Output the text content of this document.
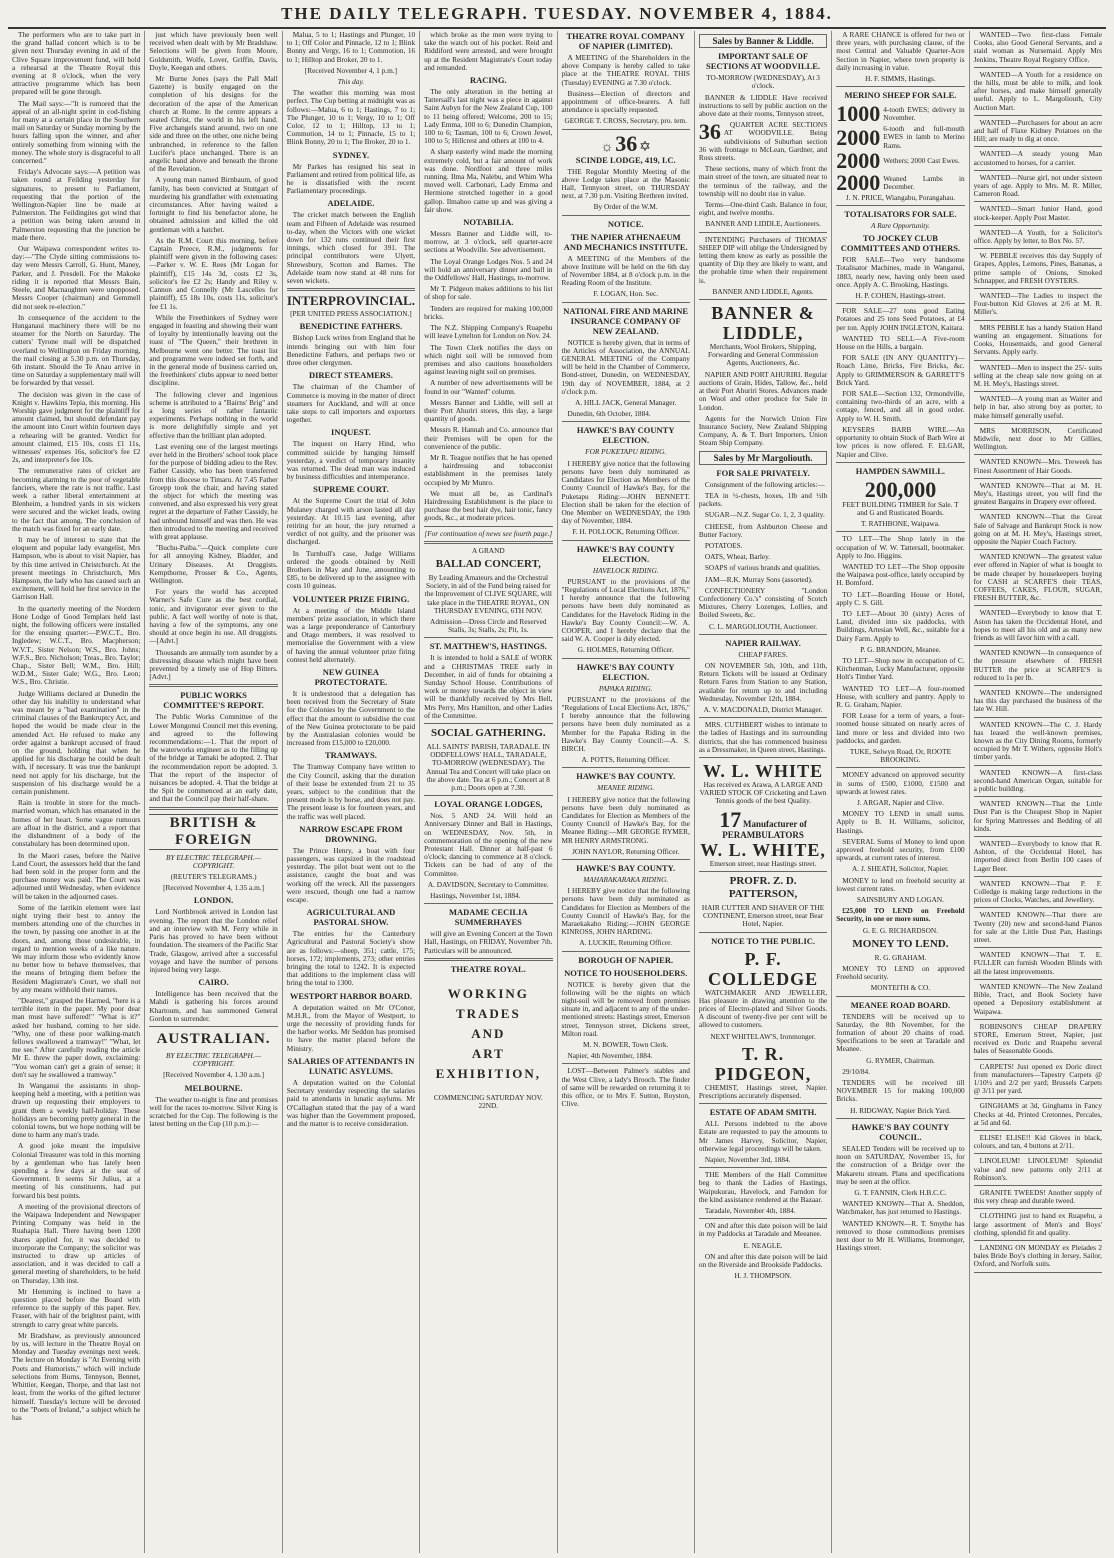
THE DAILY TELEGRAPH. TUESDAY. NOVEMBER 4, 1884.

The performers who are to take part in the grand ballad concert which is to be given next Thursday evening in aid of the Clive Square improvement fund, will hold a rehearsal at the Theatre Royal this evening at 8 o'clock, when the very attractive programme which has been prepared will be gone through.

The Mail says:—"It is rumored that the appeal of an all-night sprint in cod-fishing for many at a certain place in the Southern mail on Saturday or Sunday morning by the hours falling upon the winner, and after entirely something from winning with the money. The whole story is disgraceful to all concerned."

Friday's Advocate says:—A petition was taken round at Feilding yesterday for signatures, to present to Parliament, requesting that the portion of the Wellington-Napier line be made at Palmerston. The Feildingites got wind that a petition was being taken around in Palmerston requesting that the junction be made there.

Our Waipawa correspondent writes to-day:—"The Clyde sitting commissions to-day were Messrs Carroll, G. Hunt, Maney, Parker, and J. Presdell. For the Makoke riding it is reported that Messrs Bain, Steele, and Macnaughten were unopposed. Messrs Cooper (chairman) and Gemmell did not seek re-election."

In consequence of the accident to the Hunganaui machinery there will be no steamer for the North on Saturday. The cutters' Tyrone mail will be dispatched overland to Wellington on Friday morning, the mail closing at 5.30 p.m. on Thursday, 6th instant. Should the Te Anau arrive in time on Saturday a supplementary mail will be forwarded by that vessel.

The decision was given in the case of Knight v. Hawkins Tepia, this morning. His Worship gave judgment for the plaintiff for amount claimed, but should defendant pay the amount into Court within fourteen days a rehearing will be granted. Verdict for amount claimed, £15 10s, costs £1 11s, witnesses' expenses 16s, solicitor's fee £2 2s, and interpreter's fee 10s.

The remunerative rates of cricket are becoming alarming to the poor of vegetable fanciers, where the rate is not traffic. Last week a rather liberal entertainment at Blenheim, a hundred yards in six wickets were secured and the wicket leads, owing to the fact that among. The conclusion of the match was fixed for an early date.

It may be of interest to state that the eloquent and popular lady evangelist, Mrs Hampson, who is about to visit Napier, has by this time arrived in Christchurch. At the present meetings in Christchurch, Mrs Hampson, the lady who has caused such an excitement, will hold her first service in the Garrison Hall.

In the quarterly meeting of the Nordern Hone Lodge of Good Templars held last night, the following officers were installed for the ensuing quarter:—P.W.C.T., Bro. Ingledew; W.C.T., Bro. Macpherson; W.V.T., Sister Nelson; W.S., Bro. Johns; W.F.S., Bro. Nicholson; Treas., Bro. Taylor; Chap., Sister Bell; W.M., Bro. Hill; W.D.M., Sister Gale; W.G., Bro. Leon; W.S., Bro. Christie.

Judge Williams declared at Dunedin the other day his inability to understand what was meant by a "bad examination" in the criminal clauses of the Bankruptcy Act, and hoped the would be made clear in the amended Act. He refused to make any order against a bankrupt accused of fraud on the ground, holding that when he applied for his discharge he could be dealt with, if necessary. It was true the bankrupt need not apply for his discharge, but the suspension of his discharge would be a certain punishment.

Rain is trouble in store for the much-married woman, which has emanated in the homes of her heart. Some vague rumours are afloat in the district, and a report that the disbandment of a body of the constabulary has been determined upon.

In the Maori cases, before the Native Land Court, the assessors held that the land had been sold in the proper form and the purchase money was paid. The Court was adjourned until Wednesday, when evidence will be taken in the adjourned cases.

Some of the larrikin element were last night trying their best to annoy the members attending one of the churches in the town, by passing one another in at the doors, and, among those undesirable, in regard to mention weeks of a like nature. We may inform those who evidently know no better how to behave themselves, that the means of bringing them before the Resident Magistrate's Court, we shall not by any means withhold their names.

"Dearest," grasped the Harmed, "here is a terrible item in the paper. My poor dear man must have suffered!" "What is it?" asked her husband, coming to her side. "Why, one of these poor walking-match fellows swallowed a tramway!" "What, let me see." After carefully reading the article Mr E. threw the paper down, exclaiming: "You woman can't get a grain of sense; it don't say he swallowed a tramway."

In Wanganui the assistants in shop-keeping held a meeting, with a petition was drawn up requesting their employers to grant them a weekly half-holiday. These holidays are becoming pretty general in the colonial towns, but we hope nothing will be done to harm any man's trade.

A good joke meant the impulsive Colonial Treasurer was told in this morning by a gentleman who has lately been spending a few days at the seat of Government. It seems Sir Julius, at a meeting of his constituents, had put forward his best points.

A meeting of the provisional directors of the Waipawa Independent and Newspaper Printing Company was held in the Ruahapia Hall. There having been 1200 shares applied for, it was decided to incorporate the Company; the solicitor was instructed to draw up articles of association, and it was decided to call a general meeting of shareholders, to be held on Thursday, 13th inst.

Mr Hemming is inclined to have a question placed before the Board with reference to the supply of this paper. Rev. Fraser, with hair of the brightest paint, with strength to carry great white parcels.

Mr Bradshaw, as previously announced by us, will lecture in the Theatre Royal on Monday and Tuesday evenings next week. The lecture on Monday is "At Evening with Poets and Humorists," which will include selections from Burns, Tennyson, Bennet, Whittier, Keegan, Thorpe, and that last not least, from the works of the gifted lecturer himself. Tuesday's lecture will be devoted to the "Poets of Ireland," a subject which he has

just which have previously been well received when dealt with by Mr Bradshaw. Selections will be given from Moore, Goldsmith, Wolfe, Lover, Griffin, Davis, Doyle, Keegan and others.

Mr Burne Jones (says the Pall Mall Gazette) is busily engaged on the completion of his designs for the decoration of the apse of the American church at Rome. In the centre appears a seated Christ, the world in his left hand. Five archangels stand around, two on one side and three on the other, one niche being unbranched, in reference to the fallen Lucifer's place unchanged. There is an angelic band above and beneath the throne of the Revelation.

A young man named Birnbaum, of good family, has been convicted at Stuttgart of murdering his grandfather with extenuating circumstances. After having waited a fortnight to find his benefactor alone, he obtained admission and killed the old gentleman with a hatchet.

As the R.M. Court this morning, before Captain Preece, R.M., judgments for plaintiff were given in the following cases:—Parker v. W. E. Rees (Mr Logan for plaintiff), £15 14s 3d, costs £2 3s, solicitor's fee £2 2s; Handy and Riley v. Cannon and Connelly (Mr Lascelles for plaintiff), £5 18s 10s, costs 11s, solicitor's fee £1 1s.

While the Freethinkers of Sydney were engaged in feasting and showing their want of loyalty by intentionally leaving out the toast of "The Queen," their brethren in Melbourne went one better. The toast list and programme were indeed set forth, and in the general mode of business carried on, the freethinkers' clubs appear to need better discipline.

The following clever and ingenious scheme is attributed to a "Bairns' Brig" and a long series of rather fantastic experiments. Perhaps nothing in the world is more delightfully simple and yet effective than the brilliant plan adopted.

Last evening one of the largest meetings ever held in the Brothers' school took place for the purpose of bidding adieu to the Rev. Father Cassidy, who has been transferred from this diocese to Timaru. At 7.45 Father Groepp took the chair, and having stated the object for which the meeting was convened, and also expressed his very great regret at the departure of Father Cassidy, he had unbound himself and was then. He was then introduced to the meeting and received with great applause.

"Buchu-Paiba."—Quick complete cure for all annoying Kidney, Bladder, and Urinary Diseases. At Druggists. Kempthorne, Prosser & Co., Agents, Wellington.

For years the world has accepted Warner's Safe Cure as the best cordial, tonic, and invigorator ever given to the public. A fact well worthy of note is that, having a few of the symptoms, any one should at once begin its use. All druggists.—[Advt.]

Thousands are annually torn asunder by a distressing disease which might have been prevented by a timely use of Hop Bitters. [Advt.]

PUBLIC WORKS COMMITTEE'S REPORT.

The Public Works Committee of the Lower Mongonui Council met this evening, and agreed to the following recommendations:—1. That the report of the waterworks engineer as to the filling up of the bridge at Tamaki be adopted. 2. That the recommendation report be adopted. 3. That the report of the inspector of nuisances be adopted. 4. That the bridge at the Spit be commenced at an early date, and that the Council pay their half-share.

BRITISH & FOREIGN

BY ELECTRIC TELEGRAPH.—COPYRIGHT.

(REUTER'S TELEGRAMS.)

[Received November 4, 1.35 a.m.]

LONDON.

Lord Northbrook arrived in London last evening. The report that the London relief and an interview with M. Ferry while in Paris has proved to have been without foundation. The steamers of the Pacific Star Trade, Glasgow, arrived after a successful voyage and have the number of persons injured being very large.

CAIRO.

Intelligence has been received that the Mahdi is gathering his forces around Khartoum, and has summoned General Gordon to surrender.

AUSTRALIAN.

BY ELECTRIC TELEGRAPH.—COPYRIGHT.

[Received November 4, 1.30 a.m.]

MELBOURNE.

The weather to-night is fine and promises well for the races to-morrow. Silver King is scratched for the Cup. The following is the latest betting on the Cup (10 p.m.):—

Malua, 5 to 1; Hastings and Plunger, 10 to 1; Off Color and Pinnacle, 12 to 1; Blink Bonny and Vergy, 16 to 1; Commotion, 16 to 1; Hilltop and Broker, 20 to 1.

[Received November 4, 1 p.m.]

This day.

The weather this morning was most perfect. The Cup betting at midnight was as follows:—Malua, 6 to 1; Hastings, 7 to 1; The Plunger, 10 to 1; Vergy, 10 to 1; Off Color, 12 to 1; Hilltop, 13 to 1; Commotion, 14 to 1; Pinnacle, 15 to 1; Blink Bonny, 20 to 1; The Broker, 20 to 1.

SYDNEY.

Mr Parkes has resigned his seat in Parliament and retired from political life, as he is dissatisfied with the recent Parliamentary proceedings.

ADELAIDE.

The cricket match between the English team and Fifteen of Adelaide was resumed to-day, when the Victors with one wicket down for 132 runs continued their first innings, which closed for 391. The principal contributors were Ulyett, Shrewsbury, Scotton and Barnes. The Adelaide team now stand at 48 runs for seven wickets.

INTERPROVINCIAL.

[PER UNITED PRESS ASSOCIATION.]

BENEDICTINE FATHERS.

Bishop Luck writes from England that he intends bringing out with him four Benedictine Fathers, and perhaps two or three other clergymen.

DIRECT STEAMERS.

The chairman of the Chamber of Commerce is moving in the matter of direct steamers for Auckland, and will at once take steps to call importers and exporters together.

INQUEST.

The inquest on Harry Hind, who committed suicide by hanging himself yesterday, a verdict of temporary insanity was returned. The dead man was induced by business difficulties and intemperance.

SUPREME COURT.

At the Supreme Court the trial of John Mulaney charged with arson lasted all day yesterday. At 10.15 last evening, after retiring for an hour, the jury returned a verdict of not guilty, and the prisoner was discharged.

In Turnbull's case, Judge Williams ordered the goods obtained by Neill Brothers in May and June, amounting to £85, to be delivered up to the assignee with costs 10 guineas.

VOLUNTEER PRIZE FIRING.

At a meeting of the Middle Island members' prize association, in which there was a large preponderance of Canterbury and Otago members, it was resolved to memorialise the Government with a view of having the annual volunteer prize firing contest held alternately.

NEW GUINEA PROTECTORATE.

It is understood that a delegation has been received from the Secretary of State for the Colonies by the Government to the effect that the amount to subsidise the cost of the New Guinea protectorate to be paid by the Australasian colonies would be increased from £15,000 to £20,000.

TRAMWAYS.

The Tramway Company have written to the City Council, asking that the duration of their lease be extended from 21 to 35 years, subject to the condition that the present mode is by horse, and does not pay. The present lease is for fourteen years, and the traffic was well placed.

NARROW ESCAPE FROM DROWNING.

The Prince Henry, a boat with four passengers, was capsized in the roadstead yesterday. The pilot boat went out to the assistance, caught the boat and was working off the wreck. All the passengers were rescued, though one had a narrow escape.

AGRICULTURAL AND PASTORAL SHOW.

The entries for the Canterbury Agricultural and Pastoral Society's show are as follows:—sheep, 351; cattle, 175; horses, 172; implements, 273; other entries bringing the total to 1242. It is expected that additions to the implement class will bring the total to 1300.

WESTPORT HARBOR BOARD.

A deputation waited on Mr O'Conor, M.H.R., from the Mayor of Westport, to urge the necessity of providing funds for the harbor works. Mr Seddon has promised to have the matter placed before the Ministry.

SALARIES OF ATTENDANTS IN LUNATIC ASYLUMS.

A deputation waited on the Colonial Secretary yesterday respecting the salaries paid to attendants in lunatic asylums. Mr O'Callaghan stated that the pay of a ward was higher than the Government proposed, and the matter is to receive consideration.

which broke as the men were trying to take the watch out of his pocket. Reid and Riddiford were arrested, and were brought up at the Resident Magistrate's Court today and remanded.

RACING.

The only alteration in the betting at Tattersall's last night was a piece in against Saint Aubyn for the New Zealand Cup, 100 to 11 being offered; Welcome, 200 to 15; Lady Emma, 100 to 6; Dunedin Champion, 100 to 6; Tasman, 100 to 6; Crown Jewel, 100 to 5; Hillcrest and others at 100 to 4.

A sharp easterly wind made the morning extremely cold, but a fair amount of work was done. Nordfoot and three miles running. Ilma Ma, Nalebu, and Whim Wha moved well. Carbonari, Lady Emma and Hermione stretched together in a good gallop. Ilmahoo came up and was giving a fair show.

NOTABILIA.

Messrs Banner and Liddle will, to-morrow, at 3 o'clock, sell quarter-acre sections at Woodville. See advertisement.

The Loyal Orange Lodges Nos. 5 and 24 will hold an anniversary dinner and ball in the Oddfellows' Hall, Hastings, to-morrow.

Mr T. Pidgeon makes additions to his list of shop for sale.

Tenders are required for making 100,000 bricks.

The N.Z. Shipping Company's Ruapehu will leave Lyttelton for London on Nov. 24.

The Town Clerk notifies the days on which night soil will be removed from premises and also cautions householders against leaving night soil on premises.

A number of new advertisements will be found in our "Wanted" column.

Messrs Banner and Liddle, will sell at their Port Ahuriri stores, this day, a large quantity of goods.

Messrs R. Hannah and Co. announce that their Premises will be open for the convenience of the public.

Mr R. Teague notifies that he has opened a hairdressing and tobacconist establishment in the premises lately occupied by Mr Munro.

We must all be, as Cardinal's Hairdressing Establishment is the place to purchase the best hair dye, hair tonic, fancy goods, &c., at moderate prices.

[For continuation of news see fourth page.]

A GRAND

BALLAD CONCERT,

By Leading Amateurs and the Orchestral Society, in aid of the Fund being raised for the Improvement of CLIVE SQUARE, will take place in the THEATRE ROYAL, ON THURSDAY EVENING, 6TH NOV.

Admission—Dress Circle and Reserved Stalls, 3s; Stalls, 2s; Pit, 1s.

ST. MATTHEW'S, HASTINGS.

It is intended to hold a SALE of WORK and a CHRISTMAS TREE early in December, in aid of funds for obtaining a Sunday School House. Contributions of work or money towards the object in view will be thankfully received by Mrs Bell, Mrs Perry, Mrs Hamilton, and other Ladies of the Committee.

SOCIAL GATHERING.

ALL SAINTS' PARISH, TARADALE. IN ODDFELLOWS' HALL, TARADALE, TO-MORROW (WEDNESDAY). The Annual Tea and Concert will take place on the above date. Tea at 6 p.m.; Concert at 8 p.m.; Doors open at 7.30.

LOYAL ORANGE LODGES,

Nos. 5 AND 24. Will hold an Anniversary Dinner and Ball in Hastings, on WEDNESDAY, Nov. 5th, in commemoration of the opening of the new Protestant Hall. Dinner at half-past 6 o'clock; dancing to commence at 8 o'clock. Tickets can be had of any of the Committee.

A. DAVIDSON, Secretary to Committee.

Hastings, November 1st, 1884.

MADAME CECILIA SUMMERHAYES

will give an Evening Concert at the Town Hall, Hastings, on FRIDAY, November 7th. Particulars will be announced.

THEATRE ROYAL.

WORKING
TRADES
AND
ART
EXHIBITION,

COMMENCING SATURDAY NOV. 22ND.

THEATRE ROYAL COMPANY OF NAPIER (LIMITED).

A MEETING of the Shareholders in the above Company is hereby called to take place at the THEATRE ROYAL THIS (Tuesday) EVENING at 7.30 o'clock.

Business—Election of directors and appointment of office-bearers. A full attendance is specially requested.

GEORGE T. CROSS, Secretary, pro. tem.

☼ 36 ✡

SCINDE LODGE, 419, I.C.

THE Regular Monthly Meeting of the above Lodge takes place at the Masonic Hall, Tennyson street, on THURSDAY next, at 7.30 p.m. Visiting Brethren invited.

By Order of the W.M.

NOTICE.

THE NAPIER ATHENAEUM AND MECHANICS INSTITUTE.

A MEETING of the Members of the above Institute will be held on the 6th day of November 1884, at 8 o'clock p.m. in the Reading Room of the Institute.

F. LOGAN, Hon. Sec.

NATIONAL FIRE AND MARINE INSURANCE COMPANY OF NEW ZEALAND.

NOTICE is hereby given, that in terms of the Articles of Association, the ANNUAL GENERAL MEETING of the Company will be held in the Chamber of Commerce, Bond-street, Dunedin, on WEDNESDAY, 19th day of NOVEMBER, 1884, at 2 o'clock p.m.

A. HILL JACK, General Manager.

Dunedin, 6th October, 1884.

HAWKE'S BAY COUNTY ELECTION.

FOR PUKETAPU RIDING.

I HEREBY give notice that the following persons have been duly nominated as Candidates for Election as Members of the County Council of Hawke's Bay, for the Puketapu Riding:—JOHN BENNETT. Election shall be taken for the election of One Member on WEDNESDAY, the 19th day of November, 1884.

F. H. POLLOCK, Returning Officer.

HAWKE'S BAY COUNTY ELECTION.

HAVELOCK RIDING.

PURSUANT to the provisions of the "Regulations of Local Elections Act, 1876," I hereby announce that the following persons have been duly nominated as Candidates for the Havelock Riding in the Hawke's Bay County Council:—W. A. COOPER, and I hereby declare that the said W. A. Cooper is duly elected.

G. HOLMES, Returning Officer.

HAWKE'S BAY COUNTY ELECTION.

PAPAKA RIDING.

PURSUANT to the provisions of the "Regulations of Local Elections Act, 1876," I hereby announce that the following persons have been duly nominated as a Member for the Papaka Riding in the Hawke's Bay County Council:—A. S. BIRCH.

A. POTTS, Returning Officer.

HAWKE'S BAY COUNTY.

MEANEE RIDING.

I HEREBY give notice that the following persons have been duly nominated as Candidates for Election as Members of the County Council of Hawke's Bay, for the Meanee Riding:—MR GEORGE RYMER, MR HENRY ARMSTRONG.

JOHN NAYLOR, Returning Officer.

HAWKE'S BAY COUNTY.

MAHARAKARAKA RIDING.

I HEREBY give notice that the following persons have been duly nominated as Candidates for Election as Members of the County Council of Hawke's Bay, for the Maraekakaho Riding:—JOHN GEORGE KINROSS, JOHN HARDING.

A. LUCKIE, Returning Officer.

BOROUGH OF NAPIER.

NOTICE TO HOUSEHOLDERS.

NOTICE is hereby given that the following will be the nights on which night-soil will be removed from premises situate in, and adjacent to any of the under-mentioned streets: Hastings street, Emerson street, Tennyson street, Dickens street, Milton road.

M. N. BOWER, Town Clerk.

Napier, 4th November, 1884.

LOST—Between Palmer's stables and the West Clive, a lady's Brooch. The finder of same will be rewarded on returning it to this office, or to Mrs F. Sutton, Royston, Clive.

Sales by Banner & Liddle.

IMPORTANT SALE OF SECTIONS AT WOODVILLE.

TO-MORROW (WEDNESDAY), At 3 o'clock.

BANNER & LIDDLE Have received instructions to sell by public auction on the above date at their rooms, Tennyson street,

36	QUARTER ACRE SECTIONS AT WOODVILLE. Being subdivisions of Suburban section 36 with frontage to McLean, Gardner, and Ross streets.

These sections, many of which front the main street of the town, are situated near to the terminus of the railway, and the township will no doubt rise in value.

Terms—One-third Cash. Balance in four, eight, and twelve months.

BANNER AND LIDDLE, Auctioneers.

INTENDING Purchasers of THOMAS' SHEEP DIP will oblige the Undersigned by letting them know as early as possible the quantity of Dip they are likely to want, and the probable time when their requirement is.

BANNER AND LIDDLE, Agents.

BANNER & LIDDLE,

Merchants, Wool Brokers, Shipping, Forwarding and General Commission Agents, Auctioneers, &c.

NAPIER AND PORT AHURIRI. Regular auctions of Grain, Hides, Tallow, &c., held at their Port Ahuriri Stores. Advances made on Wool and other produce for Sale in London.

Agents for the Norwich Union Fire Insurance Society, New Zealand Shipping Company, A. & T. Burt Importers, Union Steam Ship Company.

Sales by Mr Margoliouth.

FOR SALE PRIVATELY.

Consignment of the following articles:—

TEA in ½-chests, boxes, 1lb and ½lb packets.

SUGAR—N.Z. Sugar Co. 1, 2, 3 quality.

CHEESE, from Ashburton Cheese and Butter Factory.

POTATOES.

OATS, Wheat, Barley.

SOAPS of various brands and qualities.

JAM—R.K. Murray Sons (assorted).

CONFECTIONERY "London Confectionery Co.'s" consisting of Scotch Mixtures, Cherry Lozenges, Lollies, and Boiled Sweets, &c.

C. L. MARGOLIOUTH, Auctioneer.

NAPIER RAILWAY.

CHEAP FARES.

ON NOVEMBER 5th, 10th, and 11th, Return Tickets will be issued at Ordinary Return Fares from Station to any Station, available for return up to and including Wednesday, November 12th, 1884.

A. V. MACDONALD, District Manager.

MRS. CUTHBERT wishes to intimate to the ladies of Hastings and its surrounding districts, that she has commenced business as a Dressmaker, in Queen street, Hastings.

W. L. WHITE

Has received ex Arawa, A LARGE AND VARIED STOCK OF Cricketing and Lawn Tennis goods of the best Quality.

17 Manufacturer of PERAMBULATORS
W. L. WHITE,

Emerson street, near Hastings street.

PROFR. Z. D. PATTERSON,

HAIR CUTTER AND SHAVER OF THE CONTINENT, Emerson street, near Bear Hotel, Napier.

NOTICE TO THE PUBLIC.

P. F. COLLEDGE

WATCHMAKER AND JEWELLER, Has pleasure in drawing attention to the prices of Electro-plated and Silver Goods. A discount of twenty-five per cent will be allowed to customers.

NEXT WHITELAW'S, Ironmonger.

T. R. PIDGEON,

CHEMIST, Hastings street, Napier. Prescriptions accurately dispensed.

ESTATE OF ADAM SMITH.

ALL Persons indebted to the above Estate are requested to pay the amounts to Mr James Harvey, Solicitor, Napier, otherwise legal proceedings will be taken.

Napier, November 3rd, 1884.

THE Members of the Hall Committee beg to thank the Ladies of Hastings, Waipukurau, Havelock, and Farndon for the kind assistance rendered at the Bazaar.

Taradale, November 4th, 1884.

ON and after this date poison will be laid in my Paddocks at Taradale and Meeanee.

E. NEAGLE.

ON and after this date poison will be laid on the Riverside and Brookside Paddocks.

H. J. THOMPSON.

A RARE CHANCE is offered for two or three years, with purchasing clause, of the most Central and Valuable Quarter-Acre Section in Napier, where town property is daily increasing in value.

H. F. SIMMS, Hastings.

MERINO SHEEP FOR SALE.

1000 4-tooth EWES; delivery in November.
2000 6-tooth and full-mouth EWES in lamb to Merino Rams.
2000 Wethers; 2000 Cast Ewes.
2000 Weaned Lambs in December.

J. N. PRICE, Wiangabu, Porangahau.

TOTALISATORS FOR SALE.

A Rare Opportunity.

TO JOCKEY CLUB COMMITTEES AND OTHERS.

FOR SALE—Two very handsome Totalisator Machines, made in Wanganui, 1883, nearly new, having only been used once. Apply A. C. Brooking, Hastings.

H. P. COHEN, Hastings-street.

FOR SALE—27 tons good Eating Potatoes and 25 tons Seed Potatoes, at £4 per ton. Apply JOHN INGLETON, Kaitara.

WANTED TO SELL—A Five-room House on the Hills, a bargain.

FOR SALE (IN ANY QUANTITY)—Roach Lime, Bricks, Fire Bricks, &c. Apply to GRIMMERSON & GARRETT'S Brick Yard.

FOR SALE—Section 132, Ormondville, containing two-thirds of an acre, with a cottage, fenced, and all in good order. Apply to W. H. Smith.

KEYSERS BARB WIRE.—An opportunity to obtain Stock of Barb Wire at low prices is now offered. F. ELGAR, Napier and Clive.

HAMPDEN SAWMILL.

200,000

FEET BUILDING TIMBER for Sale. T and G and Rusticated Boards.

T. RATHBONE, Waipawa.

TO LET—The Shop lately in the occupation of W. W. Tattersall, bootmaker. Apply to Jno. Higgins.

WANTED TO LET—The Shop opposite the Waipawa post-office, lately occupied by H. Bomford.

TO LET—Boarding House or Hotel, apply C. S. Gill.

TO LET—About 30 (sixty) Acres of Land, divided into six paddocks, with Buildings, Artesian Well, &c., suitable for a Dairy Farm. Apply to

P. G. BRANDON, Meanee.

TO LET—Shop now in occupation of C. Kitchenman, Lucky Manufacturer, opposite Holt's Timber Yard.

WANTED TO LET—A four-roomed House, with scullery and pantry. Apply to R. G. Graham, Napier.

FOR Lease for a term of years, a four-roomed house situated on nearly acres of land more or less and divided into two paddocks, and garden.

TUKE, Selwyn Road, Or, ROOTE BROOKING.

MONEY advanced on approved security in sums of £500, £1000, £1500 and upwards at lowest rates.

J. ARGAR, Napier and Clive.

MONEY TO LEND in small sums. Apply to B. H. Williams, solicitor, Hastings.

SEVERAL Sums of Money to lend upon approved freehold security, from £100 upwards, at current rates of interest.

A. J. SHEATH, Solicitor, Napier.

MONEY to lend on freehold security at lowest current rates.

SAINSBURY AND LOGAN.

£25,000 TO LEND on Freehold Security, in one or more sums.

G. E. G. RICHARDSON.

MONEY TO LEND.

R. G. GRAHAM.

MONEY TO LEND on approved Freehold security.

MONTEITH & CO.

MEANEE ROAD BOARD.

TENDERS will be received up to Saturday, the 8th November, for the formation of about 20 chains of road. Specifications to be seen at Taradale and Meanee.

G. RYMER, Chairman.

29/10/84.

TENDERS will be received till NOVEMBER 15 for making 100,000 Bricks.

H. RIDGWAY, Napier Brick Yard.

HAWKE'S BAY COUNTY COUNCIL.

SEALED Tenders will be received up to noon on SATURDAY, November 15, for the construction of a Bridge over the Makaretu stream. Plans and specifications may be seen at the office.

G. T. FANNIN, Clerk H.B.C.C.

WANTED KNOWN—That A. Sheddon, Watchmaker, has just returned to Hastings.

WANTED KNOWN—R. T. Smythe has removed to those commodious premises next door to Mr H. Williams, Ironmonger, Hastings street.

WANTED—Two first-class Female Cooks, also Good General Servants, and a staid woman as Nursemaid. Apply Mrs Jenkins, Theatre Royal Registry Office.

WANTED—A Youth for a residence on the hills, must be able to milk, and look after horses, and make himself generally useful. Apply to L. Margoliouth, City Auction Mart.

WANTED—Purchasers for about an acre and half of Flaxe Kidney Potatoes on the Hill; are ready to dig at once.

WANTED—A steady young Man accustomed to horses, for a carrier.

WANTED—Nurse girl, not under sixteen years of age. Apply to Mrs. M. R. Miller, Cameron Road.

WANTED—Smart Junior Hand, good stock-keeper. Apply Post Master.

WANTED—A Youth, for a Solicitor's office. Apply by letter, to Box No. 57.

W. PEBBLE receives this day Supply of Grapes, Apples, Lemons, Pines, Bananas, a prime sample of Onions, Smoked Schnapper, and FRESH OYSTERS.

WANTED—The Ladies to inspect the Four-button Kid Gloves at 2/6 at M. R. Miller's.

MRS PEBBLE has a handy Station Hand wanting an engagement. Situations for Cooks, Housemaids, and good General Servants. Apply early.

WANTED—Men to inspect the 25/- suits selling at the cheap sale now going on at M. H. Mey's, Hastings street.

WANTED—A young man as Waiter and help in bar, also strong boy as porter, to make himself generally useful.

MRS MORRISON, Certificated Midwife, next door to Mr Gillies, Wellington.

WANTED KNOWN—Mrs. Treweek has Finest Assortment of Hair Goods.

WANTED KNOWN—That at M. H. Mey's, Hastings street, you will find the greatest Bargains in Drapery ever offered.

WANTED KNOWN—That the Great Sale of Salvage and Bankrupt Stock is now going on at M. H. Mey's, Hastings street, opposite the Napier Coach Factory.

WANTED KNOWN—The greatest value ever offered in Napier of what is bought to be made cheaper by housekeepers buying for CASH at SCARFE'S their TEAS, COFFEES, CAKES, FLOUR, SUGAR, FRESH BUTTER, &c.

WANTED—Everybody to know that T. Aston has taken the Occidental Hotel, and hopes to meet all his old and as many new friends as will favor him with a call.

WANTED KNOWN—In consequence of the pressure elsewhere of FRESH BUTTER the price at SCARFE'S is reduced to 1s per lb.

WANTED KNOWN—The undersigned has this day purchased the business of the late W. Hill.

WANTED KNOWN—The C. J. Hardy has leased the well-known premises, known as the City Dining Rooms, formerly occupied by Mr T. Withers, opposite Holt's timber yards.

WANTED KNOWN—A first-class second-hand American Organ, suitable for a public building.

WANTED KNOWN—That the Little Dust Pan is the Cheapest Shop in Napier for Spring Mattresses and Bedding of all kinds.

WANTED—Everybody to know that R. Ashton, of the Occidental Hotel, has imported direct from Berlin 100 cases of Lager Beer.

WANTED KNOWN—That P. F. Colledge is making large reductions in the prices of Clocks, Watches, and Jewellery.

WANTED KNOWN—That there are Twenty (20) new and second-hand Pianos for sale at the Little Dust Pan, Hastings street.

WANTED KNOWN—That T. E. FULLER can furnish Wooden Blinds with all the latest improvements.

WANTED KNOWN—The New Zealand Bible, Tract, and Book Society have opened a Depository establishment at Waipawa.

ROBINSON'S CHEAP DRAPERY STORE, Emerson Street, Napier, just received ex Doric and Ruapehu several bales of Seasonable Goods.

CARPETS! Just opened ex Doric direct from manufacturers—Tapestry Carpets @ 1/10½ and 2/2 per yard; Brussels Carpets @ 3/11 per yard.

GINGHAMS at 3d, Ginghams in Fancy Checks at 4d, Printed Cretonnes, Percales, at 5d and 6d.

ELISE! ELISE!! Kid Gloves in black, colours, and tan, 4 buttons at 2/11.

LINOLEUM! LINOLEUM! Splendid value and new patterns only 2/11 at Robinson's.

GRANITE TWEEDS! Another supply of this very cheap and durable tweed.

CLOTHING just to hand ex Ruapehu, a large assortment of Men's and Boys' clothing, splendid fit and quality.

LANDING ON MONDAY ex Pleiades 2 bales Bride Boy's clothing in Jersey, Sailor, Oxford, and Norfolk suits.
